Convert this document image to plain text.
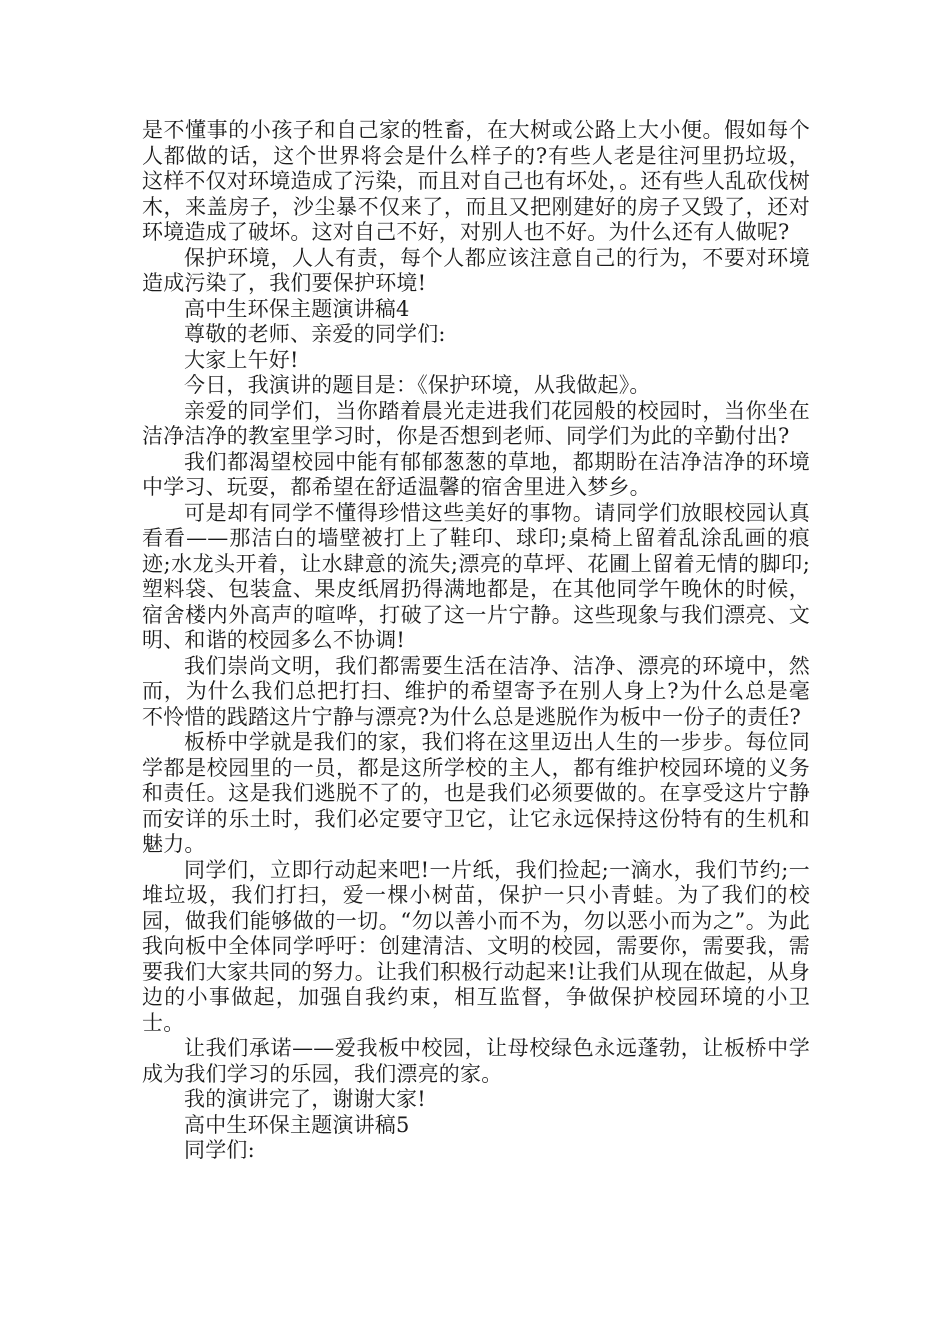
是不懂事的小孩子和自己家的牲畜，在大树或公路上大小便。假如每个人都做的话，这个世界将会是什么样子的?有些人老是往河里扔垃圾，这样不仅对环境造成了污染，而且对自己也有坏处，。还有些人乱砍伐树木，来盖房子，沙尘暴不仅来了，而且又把刚建好的房子又毁了，还对环境造成了破坏。这对自己不好，对别人也不好。为什么还有人做呢?

保护环境，人人有责，每个人都应该注意自己的行为，不要对环境造成污染了，我们要保护环境!

高中生环保主题演讲稿4

尊敬的老师、亲爱的同学们:

大家上午好!

今日，我演讲的题目是：《保护环境，从我做起》。

亲爱的同学们，当你踏着晨光走进我们花园般的校园时，当你坐在洁净洁净的教室里学习时，你是否想到老师、同学们为此的辛勤付出?

我们都渴望校园中能有郁郁葱葱的草地，都期盼在洁净洁净的环境中学习、玩耍，都希望在舒适温馨的宿舍里进入梦乡。

可是却有同学不懂得珍惜这些美好的事物。请同学们放眼校园认真看看——那洁白的墙壁被打上了鞋印、球印;桌椅上留着乱涂乱画的痕迹;水龙头开着，让水肆意的流失;漂亮的草坪、花圃上留着无情的脚印;塑料袋、包装盒、果皮纸屑扔得满地都是，在其他同学午晚休的时候，宿舍楼内外高声的喧哗，打破了这一片宁静。这些现象与我们漂亮、文明、和谐的校园多么不协调!

我们崇尚文明，我们都需要生活在洁净、洁净、漂亮的环境中，然而，为什么我们总把打扫、维护的希望寄予在别人身上?为什么总是毫不怜惜的践踏这片宁静与漂亮?为什么总是逃脱作为板中一份子的责任?

板桥中学就是我们的家，我们将在这里迈出人生的一步步。每位同学都是校园里的一员，都是这所学校的主人，都有维护校园环境的义务和责任。这是我们逃脱不了的，也是我们必须要做的。在享受这片宁静而安详的乐土时，我们必定要守卫它，让它永远保持这份特有的生机和魅力。

同学们，立即行动起来吧!一片纸，我们捡起;一滴水，我们节约;一堆垃圾，我们打扫，爱一棵小树苗，保护一只小青蛙。为了我们的校园，做我们能够做的一切。“勿以善小而不为，勿以恶小而为之”。为此我向板中全体同学呼吁：创建清洁、文明的校园，需要你，需要我，需要我们大家共同的努力。让我们积极行动起来!让我们从现在做起，从身边的小事做起，加强自我约束，相互监督，争做保护校园环境的小卫士。

让我们承诺——爱我板中校园，让母校绿色永远蓬勃，让板桥中学成为我们学习的乐园，我们漂亮的家。

我的演讲完了，谢谢大家!

高中生环保主题演讲稿5

同学们:
